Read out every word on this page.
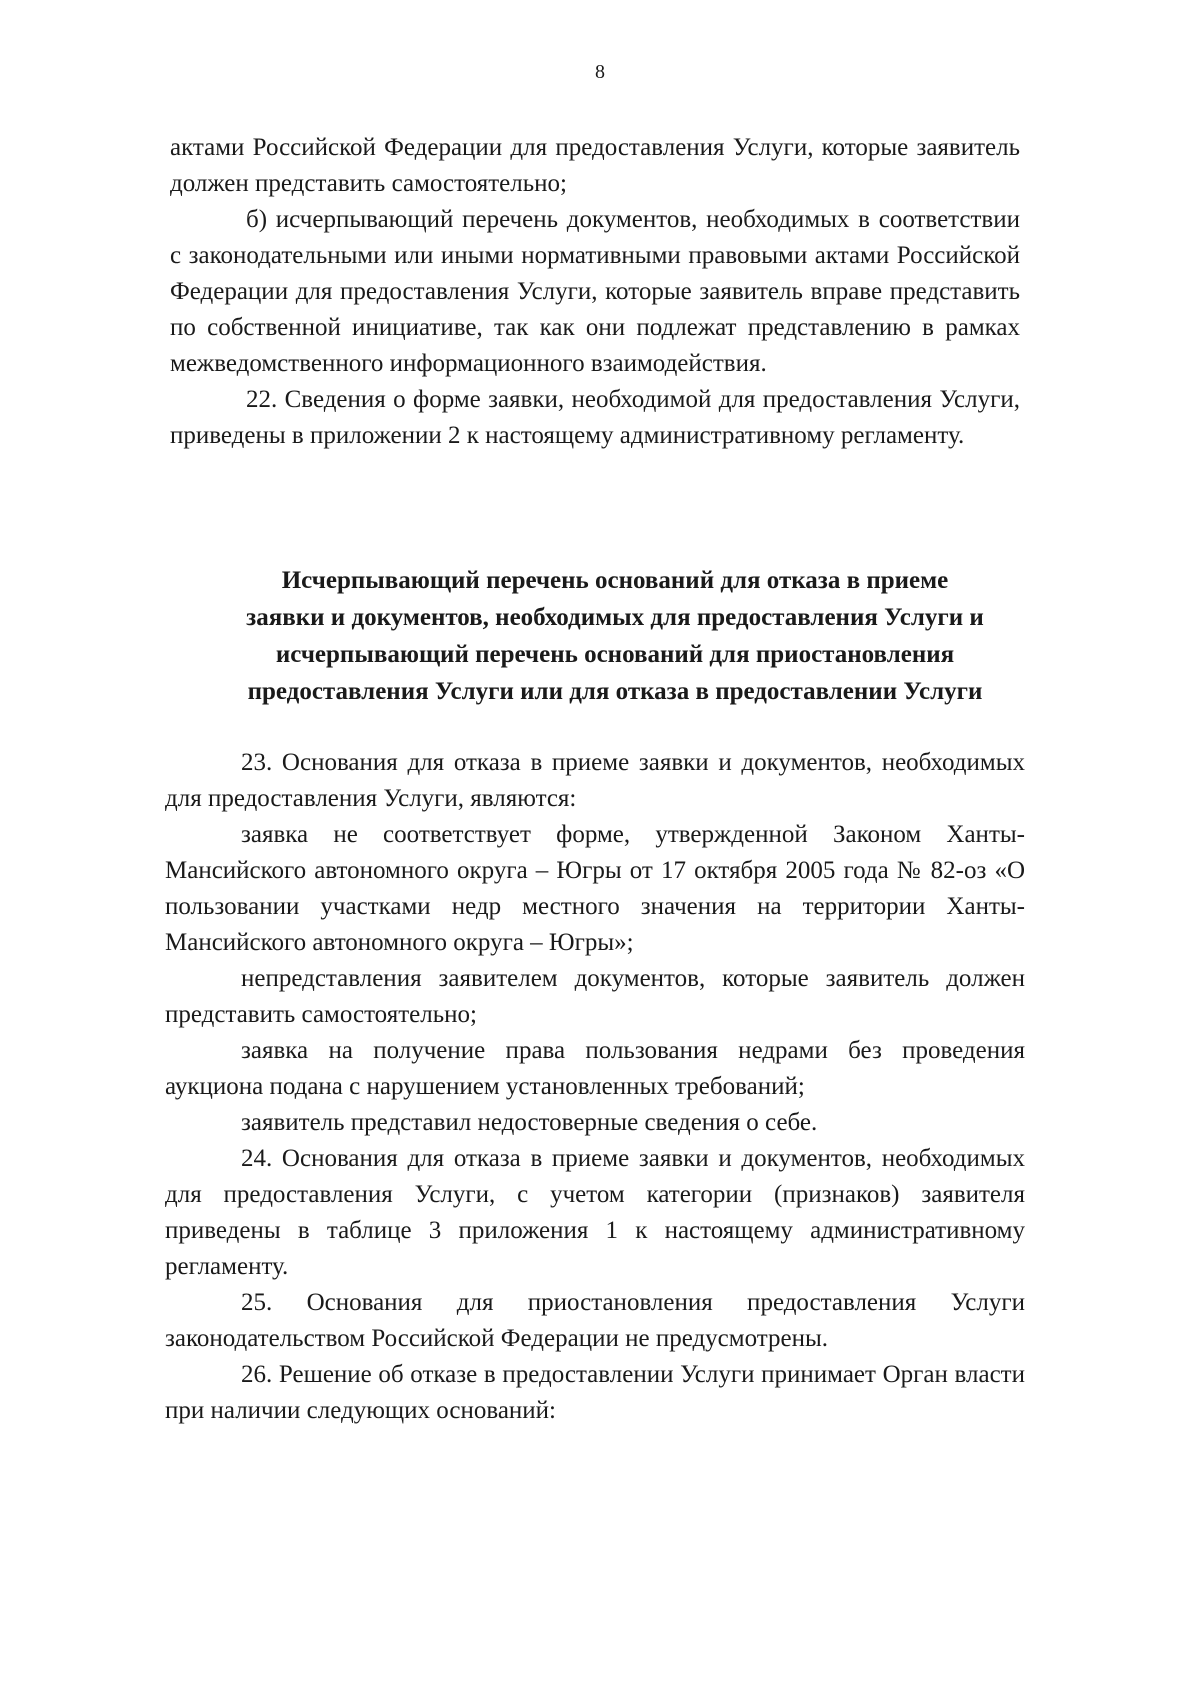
8

актами Российской Федерации для предоставления Услуги, которые заявитель должен представить самостоятельно;

б) исчерпывающий перечень документов, необходимых в соответствии с законодательными или иными нормативными правовыми актами Российской Федерации для предоставления Услуги, которые заявитель вправе представить по собственной инициативе, так как они подлежат представлению в рамках межведомственного информационного взаимодействия.

22. Сведения о форме заявки, необходимой для предоставления Услуги, приведены в приложении 2 к настоящему административному регламенту.

Исчерпывающий перечень оснований для отказа в приеме
заявки и документов, необходимых для предоставления Услуги и
исчерпывающий перечень оснований для приостановления
предоставления Услуги или для отказа в предоставлении Услуги

23. Основания для отказа в приеме заявки и документов, необходимых для предоставления Услуги, являются:

заявка не соответствует форме, утвержденной Законом Ханты-Мансийского автономного округа – Югры от 17 октября 2005 года № 82-оз «О пользовании участками недр местного значения на территории Ханты-Мансийского автономного округа – Югры»;

непредставления заявителем документов, которые заявитель должен представить самостоятельно;

заявка на получение права пользования недрами без проведения аукциона подана с нарушением установленных требований;

заявитель представил недостоверные сведения о себе.

24. Основания для отказа в приеме заявки и документов, необходимых для предоставления Услуги, с учетом категории (признаков) заявителя приведены в таблице 3 приложения 1 к настоящему административному регламенту.

25. Основания для приостановления предоставления Услуги законодательством Российской Федерации не предусмотрены.

26. Решение об отказе в предоставлении Услуги принимает Орган власти при наличии следующих оснований:
